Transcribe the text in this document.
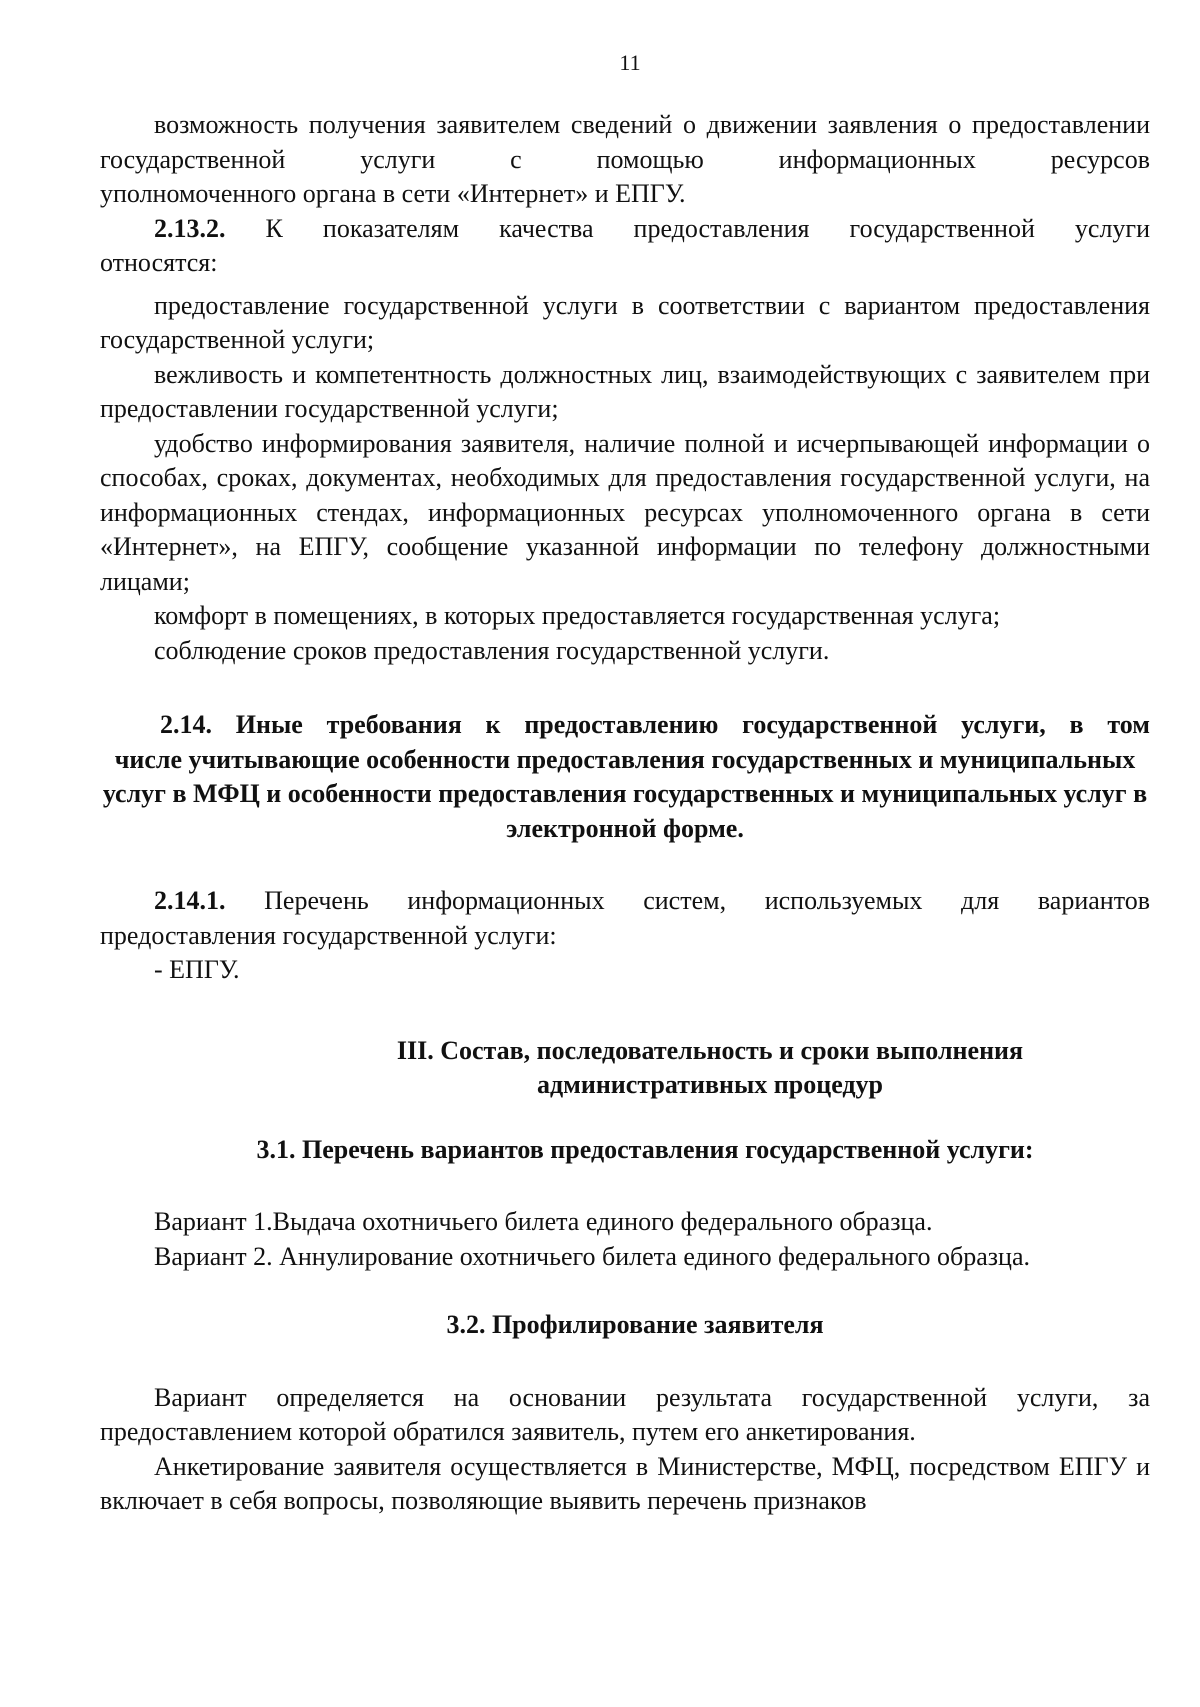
11

возможность получения заявителем сведений о движении заявления о предоставлении государственной услуги с помощью информационных ресурсов

уполномоченного органа в сети «Интернет» и ЕПГУ.

2.13.2. К показателям качества предоставления государственной услуги

относятся:

предоставление государственной услуги в соответствии с вариантом предоставления государственной услуги;

вежливость и компетентность должностных лиц, взаимодействующих с заявителем при предоставлении государственной услуги;

удобство информирования заявителя, наличие полной и исчерпывающей информации о способах, сроках, документах, необходимых для предоставления государственной услуги, на информационных стендах, информационных ресурсах уполномоченного органа в сети «Интернет», на ЕПГУ, сообщение указанной информации по телефону должностными лицами;

комфорт в помещениях, в которых предоставляется государственная услуга;

соблюдение сроков предоставления государственной услуги.

2.14. Иные требования к предоставлению государственной услуги, в том
числе учитывающие особенности предоставления государственных и муниципальных услуг в МФЦ и особенности предоставления государственных и муниципальных услуг в электронной форме.

2.14.1. Перечень информационных систем, используемых для вариантов

предоставления государственной услуги:

- ЕПГУ.

III. Состав, последовательность и сроки выполнения
административных процедур
3.1. Перечень вариантов предоставления государственной услуги:

Вариант 1.Выдача охотничьего билета единого федерального образца.

Вариант 2. Аннулирование охотничьего билета единого федерального образца.

3.2. Профилирование заявителя

Вариант определяется на основании результата государственной услуги, за предоставлением которой обратился заявитель, путем его анкетирования.

Анкетирование заявителя осуществляется в Министерстве, МФЦ, посредством ЕПГУ и включает в себя вопросы, позволяющие выявить перечень признаков
